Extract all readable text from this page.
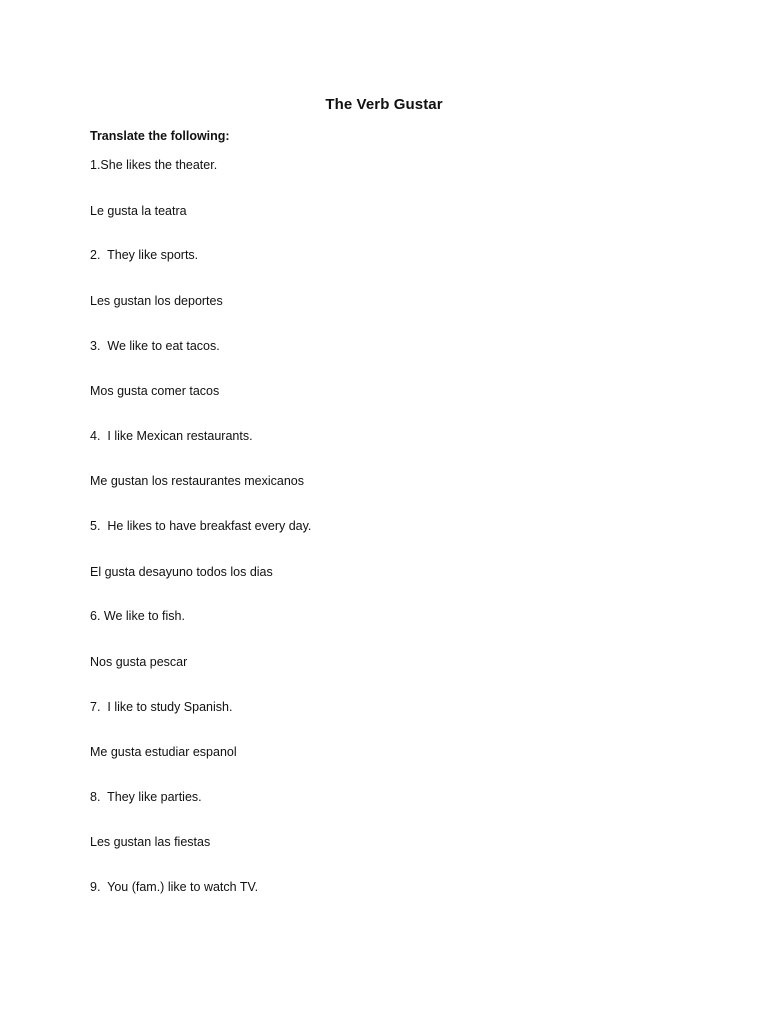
The Verb Gustar
Translate the following:
1.She likes the theater.
Le gusta la teatra
2.  They like sports.
Les gustan los deportes
3.  We like to eat tacos.
Mos gusta comer tacos
4.  I like Mexican restaurants.
Me gustan los restaurantes mexicanos
5.  He likes to have breakfast every day.
El gusta desayuno todos los dias
6. We like to fish.
Nos gusta pescar
7.  I like to study Spanish.
Me gusta estudiar espanol
8.  They like parties.
Les gustan las fiestas
9.  You (fam.) like to watch TV.
